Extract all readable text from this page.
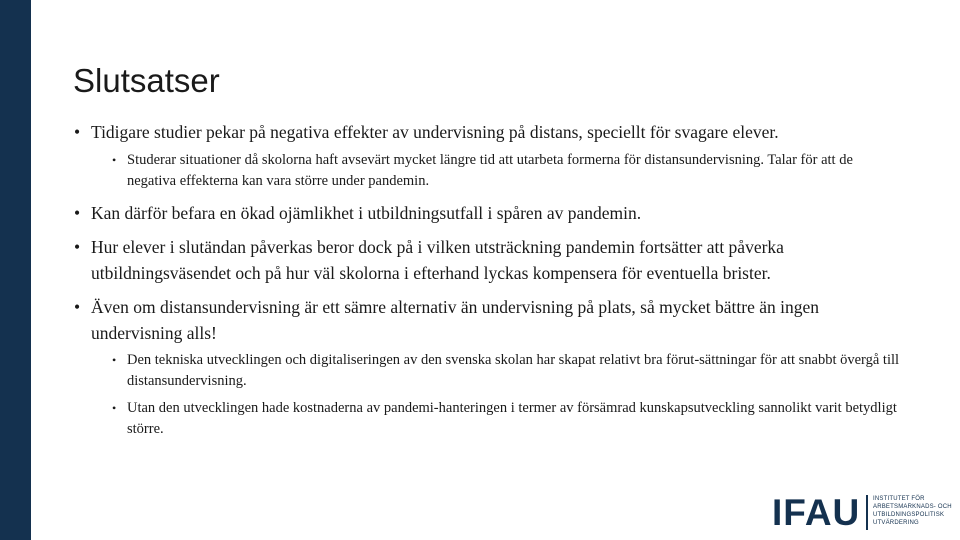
Slutsatser
• Tidigare studier pekar på negativa effekter av undervisning på distans, speciellt för svagare elever.
• Studerar situationer då skolorna haft avsevärt mycket längre tid att utarbeta formerna för distansundervisning. Talar för att de negativa effekterna kan vara större under pandemin.
• Kan därför befara en ökad ojämlikhet i utbildningsutfall i spåren av pandemin.
• Hur elever i slutändan påverkas beror dock på i vilken utsträckning pandemin fortsätter att påverka utbildningsväsendet och på hur väl skolorna i efterhand lyckas kompensera för eventuella brister.
• Även om distansundervisning är ett sämre alternativ än undervisning på plats, så mycket bättre än ingen undervisning alls!
• Den tekniska utvecklingen och digitaliseringen av den svenska skolan har skapat relativt bra förut-sättningar för att snabbt övergå till distansundervisning.
• Utan den utvecklingen hade kostnaderna av pandemi-hanteringen i termer av försämrad kunskapsutveckling sannolikt varit betydligt större.
IFAU INSTITUTET FÖR
ARBETSMARKNADS- OCH
UTBILDNINGSPOLITISK
UTVÄRDERING
